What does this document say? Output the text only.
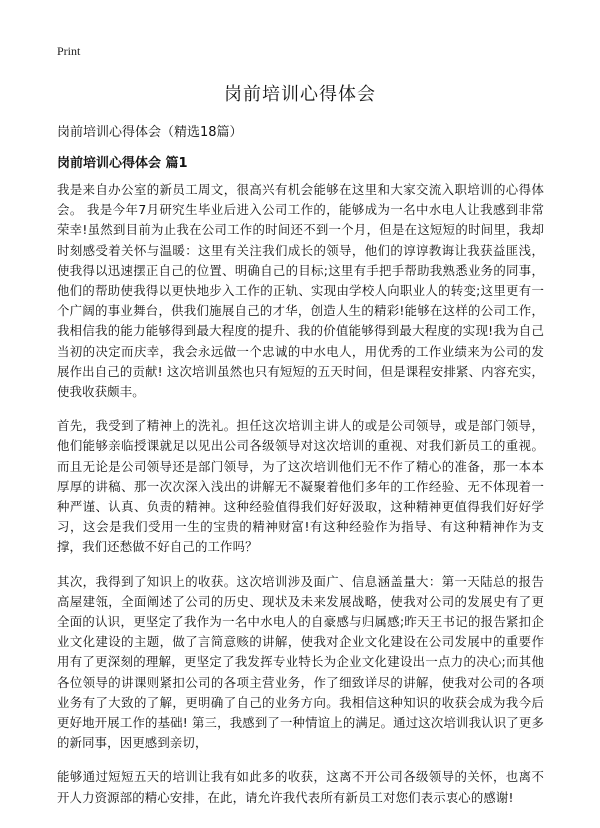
Print
岗前培训心得体会
岗前培训心得体会（精选18篇）
岗前培训心得体会 篇1

我是来自办公室的新员工周文，很高兴有机会能够在这里和大家交流入职培训的心得体会。 我是今年7月研究生毕业后进入公司工作的，能够成为一名中水电人让我感到非常荣幸!虽然到目前为止我在公司工作的时间还不到一个月，但是在这短短的时间里，我却时刻感受着关怀与温暖：这里有关注我们成长的领导，他们的谆谆教诲让我获益匪浅，使我得以迅速摆正自己的位置、明确自己的目标;这里有手把手帮助我熟悉业务的同事，他们的帮助使我得以更快地步入工作的正轨、实现由学校人向职业人的转变;这里更有一个广阔的事业舞台，供我们施展自己的才华，创造人生的精彩!能够在这样的公司工作，我相信我的能力能够得到最大程度的提升、我的价值能够得到最大程度的实现!我为自己当初的决定而庆幸，我会永远做一个忠诚的中水电人，用优秀的工作业绩来为公司的发展作出自己的贡献! 这次培训虽然也只有短短的五天时间，但是课程安排紧、内容充实，使我收获颇丰。

首先，我受到了精神上的洗礼。担任这次培训主讲人的或是公司领导，或是部门领导，他们能够亲临授课就足以见出公司各级领导对这次培训的重视、对我们新员工的重视。而且无论是公司领导还是部门领导，为了这次培训他们无不作了精心的准备，那一本本厚厚的讲稿、那一次次深入浅出的讲解无不凝聚着他们多年的工作经验、无不体现着一种严谨、认真、负责的精神。这种经验值得我们好好汲取，这种精神更值得我们好好学习，这会是我们受用一生的宝贵的精神财富!有这种经验作为指导、有这种精神作为支撑，我们还愁做不好自己的工作吗？

其次，我得到了知识上的收获。这次培训涉及面广、信息涵盖量大：第一天陆总的报告高屋建瓴，全面阐述了公司的历史、现状及未来发展战略，使我对公司的发展史有了更全面的认识，更坚定了我作为一名中水电人的自豪感与归属感;昨天王书记的报告紧扣企业文化建设的主题，做了言简意赅的讲解，使我对企业文化建设在公司发展中的重要作用有了更深刻的理解，更坚定了我发挥专业特长为企业文化建设出一点力的决心;而其他各位领导的讲课则紧扣公司的各项主营业务，作了细致详尽的讲解，使我对公司的各项业务有了大致的了解，更明确了自己的业务方向。我相信这种知识的收获会成为我今后更好地开展工作的基础! 第三，我感到了一种情谊上的满足。通过这次培训我认识了更多的新同事，因更感到亲切，

能够通过短短五天的培训让我有如此多的收获，这离不开公司各级领导的关怀，也离不开人力资源部的精心安排，在此，请允许我代表所有新员工对您们表示衷心的感谢!
